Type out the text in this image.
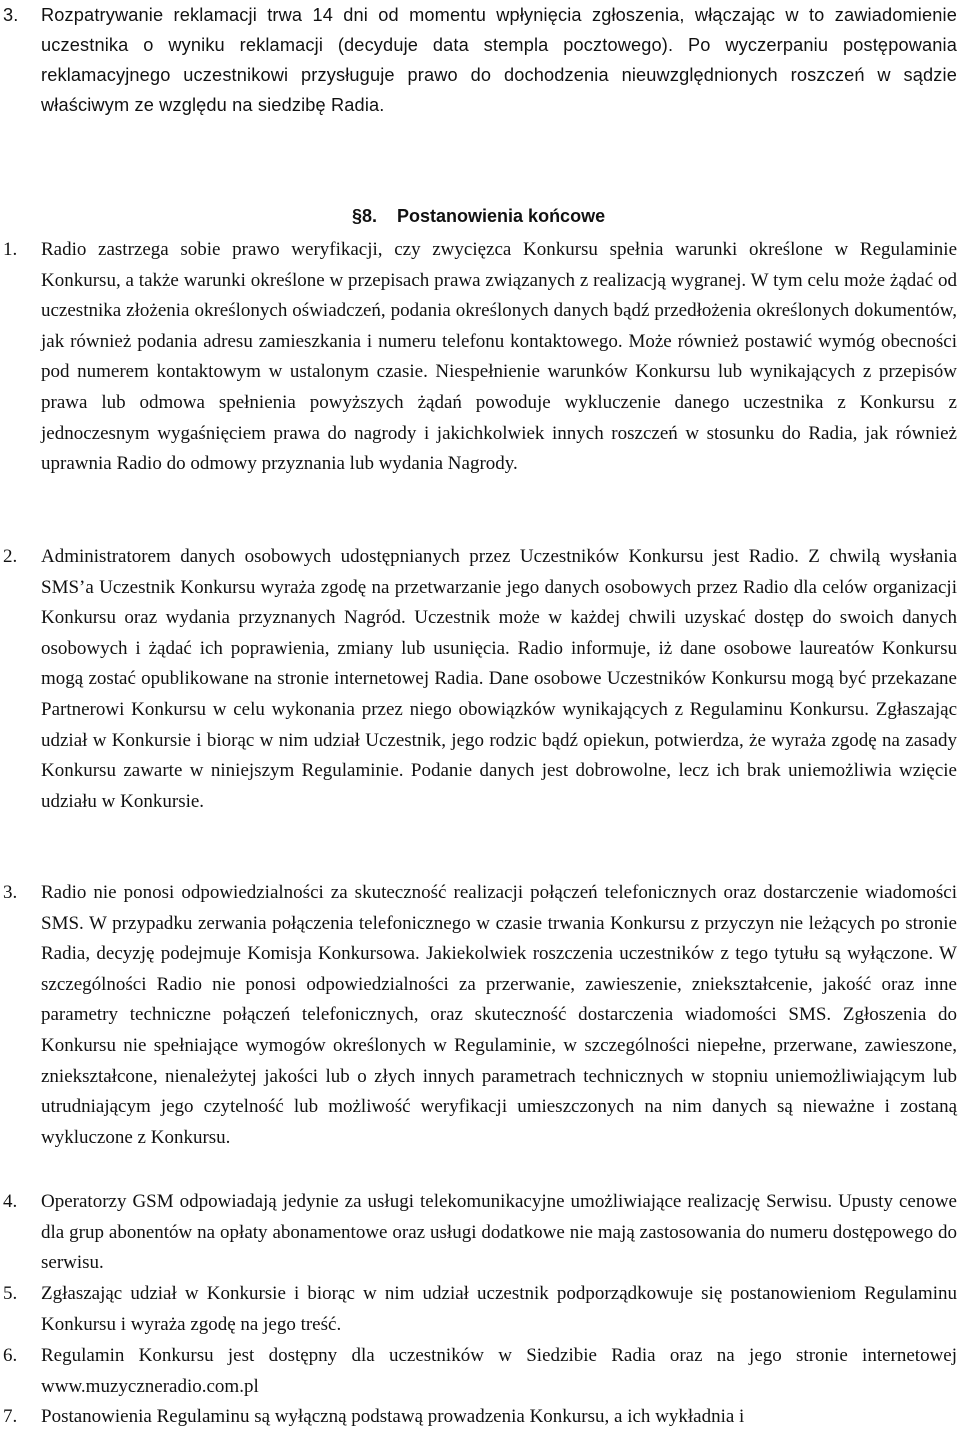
3. Rozpatrywanie reklamacji trwa 14 dni od momentu wpłynięcia zgłoszenia, włączając w to zawiadomienie uczestnika o wyniku reklamacji (decyduje data stempla pocztowego). Po wyczerpaniu postępowania reklamacyjnego uczestnikowi przysługuje prawo do dochodzenia nieuwzględnionych roszczeń w sądzie właściwym ze względu na siedzibę Radia.

§8. Postanowienia końcowe
1. Radio zastrzega sobie prawo weryfikacji, czy zwycięzca Konkursu spełnia warunki określone w Regulaminie Konkursu, a także warunki określone w przepisach prawa związanych z realizacją wygranej. W tym celu może żądać od uczestnika złożenia określonych oświadczeń, podania określonych danych bądź przedłożenia określonych dokumentów, jak również podania adresu zamieszkania i numeru telefonu kontaktowego. Może również postawić wymóg obecności pod numerem kontaktowym w ustalonym czasie. Niespełnienie warunków Konkursu lub wynikających z przepisów prawa lub odmowa spełnienia powyższych żądań powoduje wykluczenie danego uczestnika z Konkursu z jednoczesnym wygaśnięciem prawa do nagrody i jakichkolwiek innych roszczeń w stosunku do Radia, jak również uprawnia Radio do odmowy przyznania lub wydania Nagrody.

2. Administratorem danych osobowych udostępnianych przez Uczestników Konkursu jest Radio. Z chwilą wysłania SMS’a Uczestnik Konkursu wyraża zgodę na przetwarzanie jego danych osobowych przez Radio dla celów organizacji Konkursu oraz wydania przyznanych Nagród. Uczestnik może w każdej chwili uzyskać dostęp do swoich danych osobowych i żądać ich poprawienia, zmiany lub usunięcia. Radio informuje, iż dane osobowe laureatów Konkursu mogą zostać opublikowane na stronie internetowej Radia. Dane osobowe Uczestników Konkursu mogą być przekazane Partnerowi Konkursu w celu wykonania przez niego obowiązków wynikających z Regulaminu Konkursu. Zgłaszając udział w Konkursie i biorąc w nim udział Uczestnik, jego rodzic bądź opiekun, potwierdza, że wyraża zgodę na zasady Konkursu zawarte w niniejszym Regulaminie. Podanie danych jest dobrowolne, lecz ich brak uniemożliwia wzięcie udziału w Konkursie.

3. Radio nie ponosi odpowiedzialności za skuteczność realizacji połączeń telefonicznych oraz dostarczenie wiadomości SMS. W przypadku zerwania połączenia telefonicznego w czasie trwania Konkursu z przyczyn nie leżących po stronie Radia, decyzję podejmuje Komisja Konkursowa. Jakiekolwiek roszczenia uczestników z tego tytułu są wyłączone. W szczególności Radio nie ponosi odpowiedzialności za przerwanie, zawieszenie, zniekształcenie, jakość oraz inne parametry techniczne połączeń telefonicznych, oraz skuteczność dostarczenia wiadomości SMS. Zgłoszenia do Konkursu nie spełniające wymogów określonych w Regulaminie, w szczególności niepełne, przerwane, zawieszone, zniekształcone, nienależytej jakości lub o złych innych parametrach technicznych w stopniu uniemożliwiającym lub utrudniającym jego czytelność lub możliwość weryfikacji umieszczonych na nim danych są nieważne i zostaną wykluczone z Konkursu.

4. Operatorzy GSM odpowiadają jedynie za usługi telekomunikacyjne umożliwiające realizację Serwisu. Upusty cenowe dla grup abonentów na opłaty abonamentowe oraz usługi dodatkowe nie mają zastosowania do numeru dostępowego do serwisu.

5. Zgłaszając udział w Konkursie i biorąc w nim udział uczestnik podporządkowuje się postanowieniom Regulaminu Konkursu i wyraża zgodę na jego treść.

6. Regulamin Konkursu jest dostępny dla uczestników w Siedzibie Radia oraz na jego stronie internetowej www.muzyczneradio.com.pl

7. Postanowienia Regulaminu są wyłączną podstawą prowadzenia Konkursu, a ich wykładnia i
